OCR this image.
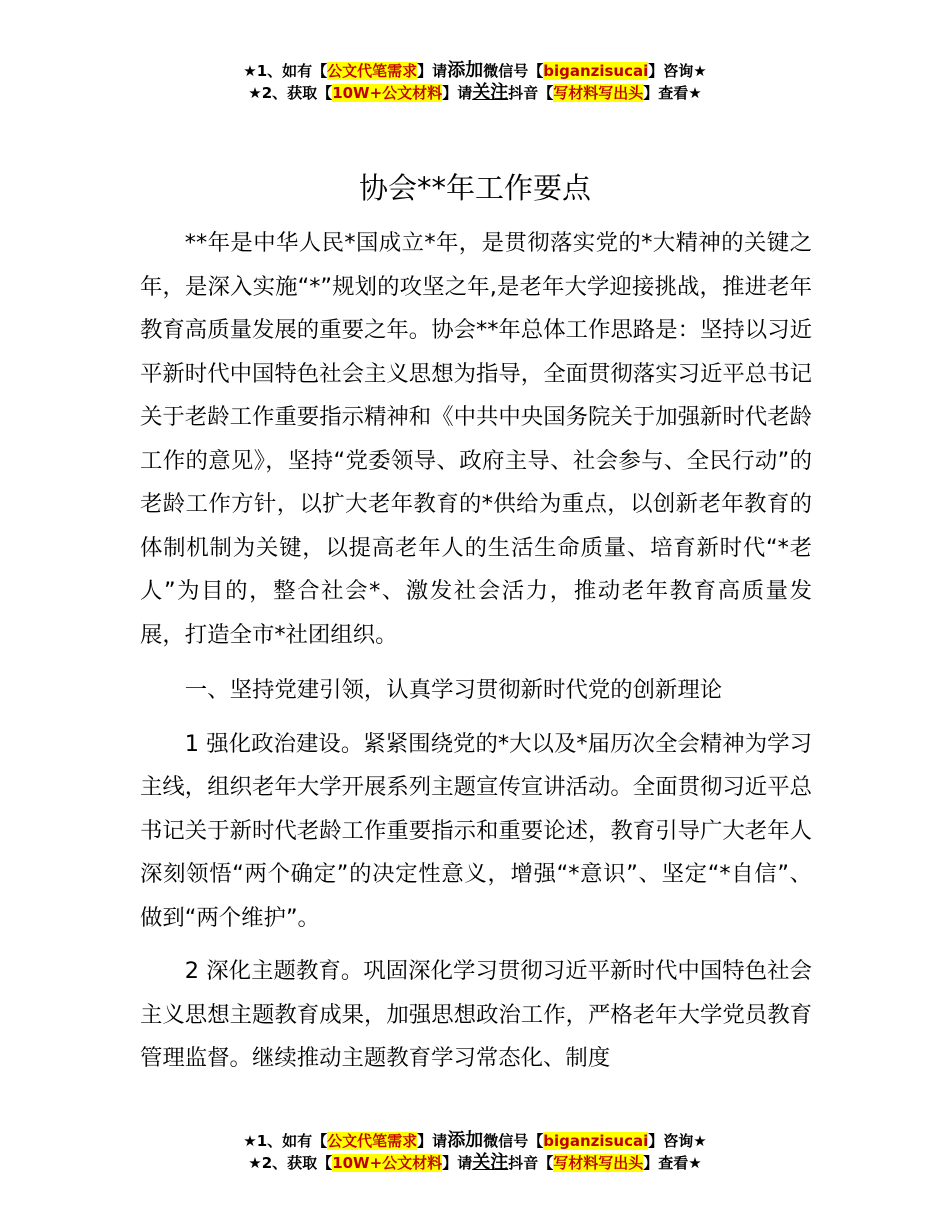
★1、如有【公文代笔需求】请添加微信号【biganzisucai】咨询★
★2、获取【10W+公文材料】请关注抖音【写材料写出头】查看★
协会**年工作要点

**年是中华人民*国成立*年，是贯彻落实党的*大精神的关键之年，是深入实施“*”规划的攻坚之年,是老年大学迎接挑战，推进老年教育高质量发展的重要之年。协会**年总体工作思路是：坚持以习近平新时代中国特色社会主义思想为指导，全面贯彻落实习近平总书记关于老龄工作重要指示精神和《中共中央国务院关于加强新时代老龄工作的意见》，坚持“党委领导、政府主导、社会参与、全民行动”的老龄工作方针，以扩大老年教育的*供给为重点，以创新老年教育的体制机制为关键，以提高老年人的生活生命质量、培育新时代“*老人”为目的，整合社会*、激发社会活力，推动老年教育高质量发展，打造全市*社团组织。

一、坚持党建引领，认真学习贯彻新时代党的创新理论

1 强化政治建设。紧紧围绕党的*大以及*届历次全会精神为学习主线，组织老年大学开展系列主题宣传宣讲活动。全面贯彻习近平总书记关于新时代老龄工作重要指示和重要论述，教育引导广大老年人深刻领悟“两个确定”的决定性意义，增强“*意识”、坚定“*自信”、做到“两个维护”。

2 深化主题教育。巩固深化学习贯彻习近平新时代中国特色社会主义思想主题教育成果，加强思想政治工作，严格老年大学党员教育管理监督。继续推动主题教育学习常态化、制度

★1、如有【公文代笔需求】请添加微信号【biganzisucai】咨询★
★2、获取【10W+公文材料】请关注抖音【写材料写出头】查看★
